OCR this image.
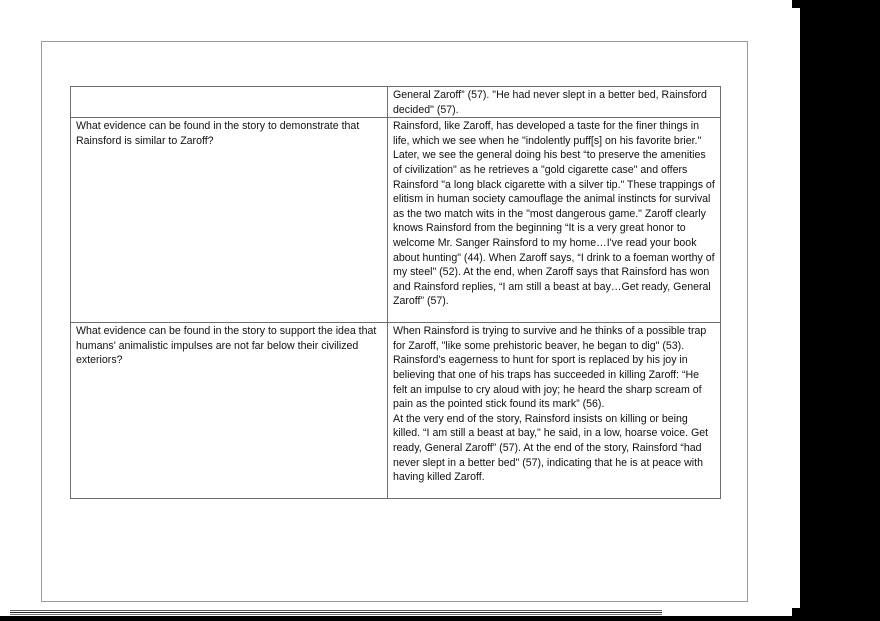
	General Zaroff” (57). "He had never slept in a better bed, Rainsford decided" (57).

What evidence can be found in the story to demonstrate that Rainsford is similar to Zaroff?	Rainsford, like Zaroff, has developed a taste for the finer things in life, which we see when he "indolently puff[s] on his favorite brier." Later, we see the general doing his best “to preserve the amenities of civilization" as he retrieves a "gold cigarette case" and offers Rainsford "a long black cigarette with a silver tip." These trappings of elitism in human society camouflage the animal instincts for survival as the two match wits in the "most dangerous game." Zaroff clearly knows Rainsford from the beginning “It is a very great honor to welcome Mr. Sanger Rainsford to my home…I've read your book about hunting" (44). When Zaroff says, “I drink to a foeman worthy of my steel" (52). At the end, when Zaroff says that Rainsford has won and Rainsford replies, “I am still a beast at bay…Get ready, General Zaroff” (57).

What evidence can be found in the story to support the idea that humans' animalistic impulses are not far below their civilized exteriors?	When Rainsford is trying to survive and he thinks of a possible trap for Zaroff, "like some prehistoric beaver, he began to dig" (53).
Rainsford's eagerness to hunt for sport is replaced by his joy in believing that one of his traps has succeeded in killing Zaroff: “He felt an impulse to cry aloud with joy; he heard the sharp scream of pain as the pointed stick found its mark” (56).
At the very end of the story, Rainsford insists on killing or being killed. “I am still a beast at bay," he said, in a low, hoarse voice. Get ready, General Zaroff” (57). At the end of the story, Rainsford “had never slept in a better bed" (57), indicating that he is at peace with having killed Zaroff.
